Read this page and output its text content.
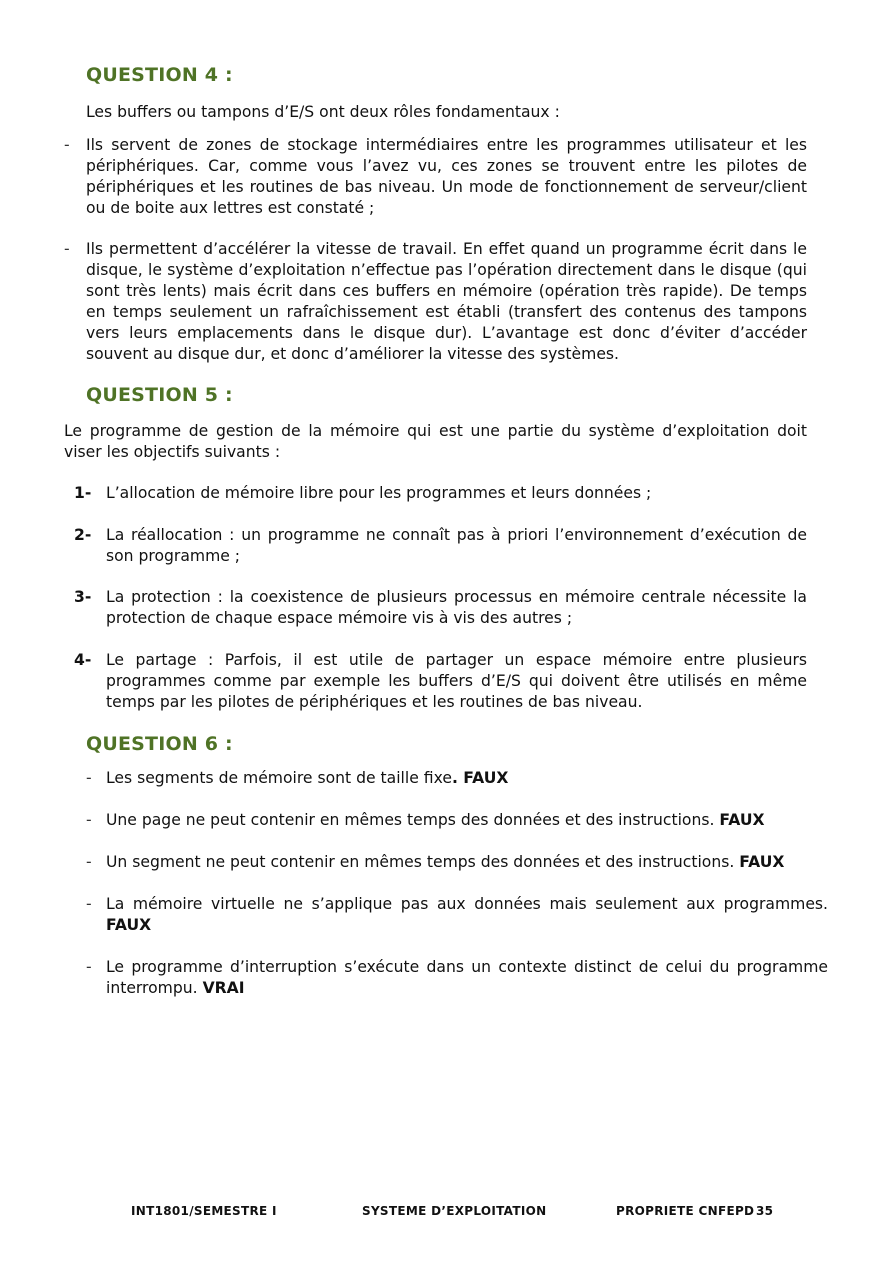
QUESTION 4 :

Les buffers ou tampons d’E/S ont deux rôles fondamentaux :

- Ils servent de zones de stockage intermédiaires entre les programmes utilisateur et les périphériques. Car, comme vous l’avez vu, ces zones se trouvent entre les pilotes de périphériques et les routines de bas niveau. Un mode de fonctionnement de serveur/client ou de boite aux lettres est constaté ;

- Ils permettent d’accélérer la vitesse de travail. En effet quand un programme écrit dans le disque, le système d’exploitation n’effectue pas l’opération directement dans le disque (qui sont très lents) mais écrit dans ces buffers en mémoire (opération très rapide). De temps en temps seulement un rafraîchissement est établi (transfert des contenus des tampons vers leurs emplacements dans le disque dur). L’avantage est donc d’éviter d’accéder souvent au disque dur, et donc d’améliorer la vitesse des systèmes.

QUESTION 5 :

Le programme de gestion de la mémoire qui est une partie du système d’exploitation doit viser les objectifs suivants :

1- L’allocation de mémoire libre pour les programmes et leurs données ;

2- La réallocation : un programme ne connaît pas à priori l’environnement d’exécution de son programme ;

3- La protection : la coexistence de plusieurs processus en mémoire centrale nécessite la protection de chaque espace mémoire vis à vis des autres ;

4- Le partage : Parfois, il est utile de partager un espace mémoire entre plusieurs programmes comme par exemple les buffers d’E/S qui doivent être utilisés en même temps par les pilotes de périphériques et les routines de bas niveau.

QUESTION 6 :
- Les segments de mémoire sont de taille fixe. FAUX

- Une page ne peut contenir en mêmes temps des données et des instructions. FAUX

- Un segment ne peut contenir en mêmes temps des données et des instructions. FAUX

- La mémoire virtuelle ne s’applique pas aux données mais seulement aux programmes. FAUX

- Le programme d’interruption s’exécute dans un contexte distinct de celui du programme interrompu. VRAI

INT1801/SEMESTRE I	SYSTEME D’EXPLOITATION	PROPRIETE CNFEPD 35
